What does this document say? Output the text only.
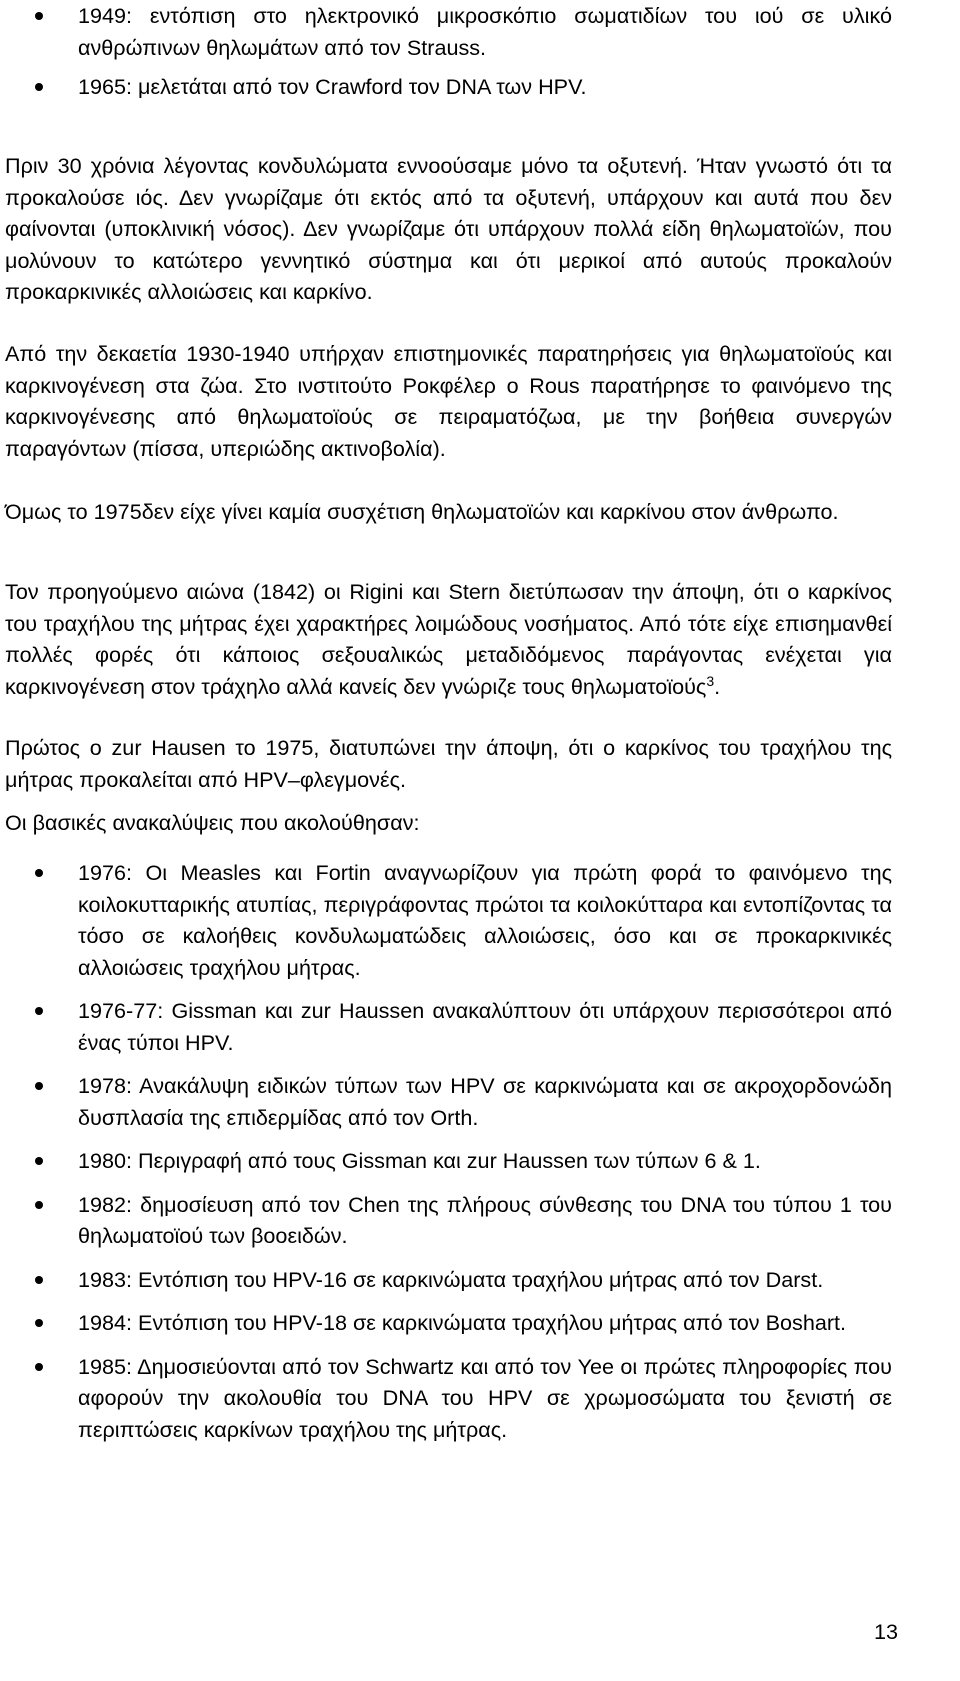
1949: εντόπιση στο ηλεκτρονικό μικροσκόπιο σωματιδίων του ιού σε υλικό ανθρώπινων θηλωμάτων από τον Strauss.
1965: μελετάται από τον Crawford τον DNA των HPV.

Πριν 30 χρόνια λέγοντας κονδυλώματα εννοούσαμε μόνο τα οξυτενή. Ήταν γνωστό ότι τα προκαλούσε ιός. Δεν γνωρίζαμε ότι εκτός από τα οξυτενή, υπάρχουν και αυτά που δεν φαίνονται (υποκλινική νόσος). Δεν γνωρίζαμε ότι υπάρχουν πολλά είδη θηλωματοϊών, που μολύνουν το κατώτερο γεννητικό σύστημα και ότι μερικοί από αυτούς προκαλούν προκαρκινικές αλλοιώσεις και καρκίνο.

Από την δεκαετία 1930-1940 υπήρχαν επιστημονικές παρατηρήσεις για θηλωματοϊούς και καρκινογένεση στα ζώα. Στο ινστιτούτο Ροκφέλερ ο Rous παρατήρησε το φαινόμενο της καρκινογένεσης από θηλωματοϊούς σε πειραματόζωα, με την βοήθεια συνεργών παραγόντων (πίσσα, υπεριώδης ακτινοβολία).

Όμως το 1975δεν είχε γίνει καμία συσχέτιση θηλωματοϊών και καρκίνου στον άνθρωπο.

Τον προηγούμενο αιώνα (1842) οι Rigini και Stern διετύπωσαν την άποψη, ότι ο καρκίνος του τραχήλου της μήτρας έχει χαρακτήρες λοιμώδους νοσήματος. Από τότε είχε επισημανθεί πολλές φορές ότι κάποιος σεξουαλικώς μεταδιδόμενος παράγοντας ενέχεται για καρκινογένεση στον τράχηλο αλλά κανείς δεν γνώριζε τους θηλωματοϊούς$^3$.

Πρώτος ο zur Hausen το 1975, διατυπώνει την άποψη, ότι ο καρκίνος του τραχήλου της μήτρας προκαλείται από HPV–φλεγμονές.

Οι βασικές ανακαλύψεις που ακολούθησαν:

1976: Οι Measles και Fortin αναγνωρίζουν για πρώτη φορά το φαινόμενο της κοιλοκυτταρικής ατυπίας, περιγράφοντας πρώτοι τα κοιλοκύτταρα και εντοπίζοντας τα τόσο σε καλοήθεις κονδυλωματώδεις αλλοιώσεις, όσο και σε προκαρκινικές αλλοιώσεις τραχήλου μήτρας.
1976-77: Gissman και zur Haussen ανακαλύπτουν ότι υπάρχουν περισσότεροι από ένας τύποι HPV.
1978: Ανακάλυψη ειδικών τύπων των HPV σε καρκινώματα και σε ακροχορδονώδη δυσπλασία της επιδερμίδας από τον Orth.
1980: Περιγραφή από τους Gissman και zur Haussen των τύπων 6 & 1.
1982: δημοσίευση από τον Chen της πλήρους σύνθεσης του DNA του τύπου 1 του θηλωματοϊού των βοοειδών.
1983: Εντόπιση του HPV-16 σε καρκινώματα τραχήλου μήτρας από τον Darst.
1984: Εντόπιση του HPV-18 σε καρκινώματα τραχήλου μήτρας από τον Boshart.
1985: Δημοσιεύονται από τον Schwartz και από τον Yee οι πρώτες πληροφορίες που αφορούν την ακολουθία του DNA του HPV σε χρωμοσώματα του ξενιστή σε περιπτώσεις καρκίνων τραχήλου της μήτρας.
13
